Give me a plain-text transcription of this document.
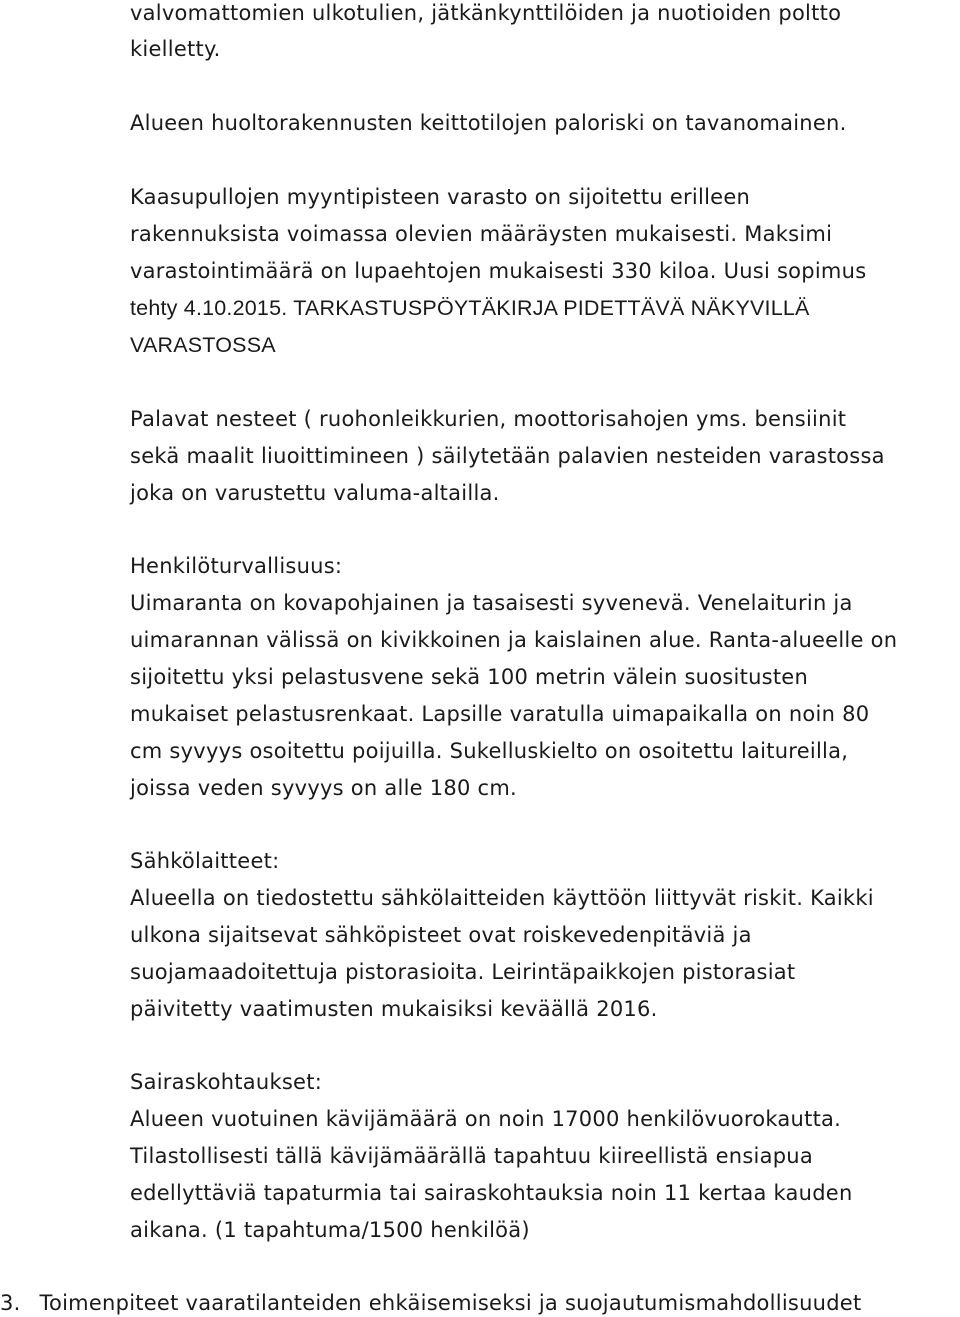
valvomattomien ulkotulien, jätkänkynttilöiden ja nuotioiden poltto
kielletty.
Alueen huoltorakennusten keittotilojen paloriski on tavanomainen.
Kaasupullojen myyntipisteen varasto on sijoitettu erilleen
rakennuksista voimassa olevien määräysten mukaisesti. Maksimi
varastointimäärä on lupaehtojen mukaisesti 330 kiloa. Uusi sopimus
tehty 4.10.2015. TARKASTUSPÖYTÄKIRJA PIDETTÄVÄ NÄKYVILLÄ
VARASTOSSA
Palavat nesteet ( ruohonleikkurien, moottorisahojen yms. bensiinit
sekä maalit liuoittimineen ) säilytetään palavien nesteiden varastossa
joka on varustettu valuma-altailla.
Henkilöturvallisuus:
Uimaranta on kovapohjainen ja tasaisesti syvenevä. Venelaiturin ja
uimarannan välissä on kivikkoinen ja kaislainen alue. Ranta-alueelle on
sijoitettu yksi pelastusvene sekä 100 metrin välein suositusten
mukaiset pelastusrenkaat. Lapsille varatulla uimapaikalla on noin 80
cm syvyys osoitettu poijuilla. Sukelluskielto on osoitettu laitureilla,
joissa veden syvyys on alle 180 cm.
Sähkölaitteet:
Alueella on tiedostettu sähkölaitteiden käyttöön liittyvät riskit. Kaikki
ulkona sijaitsevat sähköpisteet ovat roiskevedenpitäviä ja
suojamaadoitettuja pistorasioita. Leirintäpaikkojen pistorasiat
päivitetty vaatimusten mukaisiksi keväällä 2016.
Sairaskohtaukset:
Alueen vuotuinen kävijämäärä on noin 17000 henkilövuorokautta.
Tilastollisesti tällä kävijämäärällä tapahtuu kiireellistä ensiapua
edellyttäviä tapaturmia tai sairaskohtauksia noin 11 kertaa kauden
aikana. (1 tapahtuma/1500 henkilöä)
3. Toimenpiteet vaaratilanteiden ehkäisemiseksi ja suojautumismahdollisuudet
